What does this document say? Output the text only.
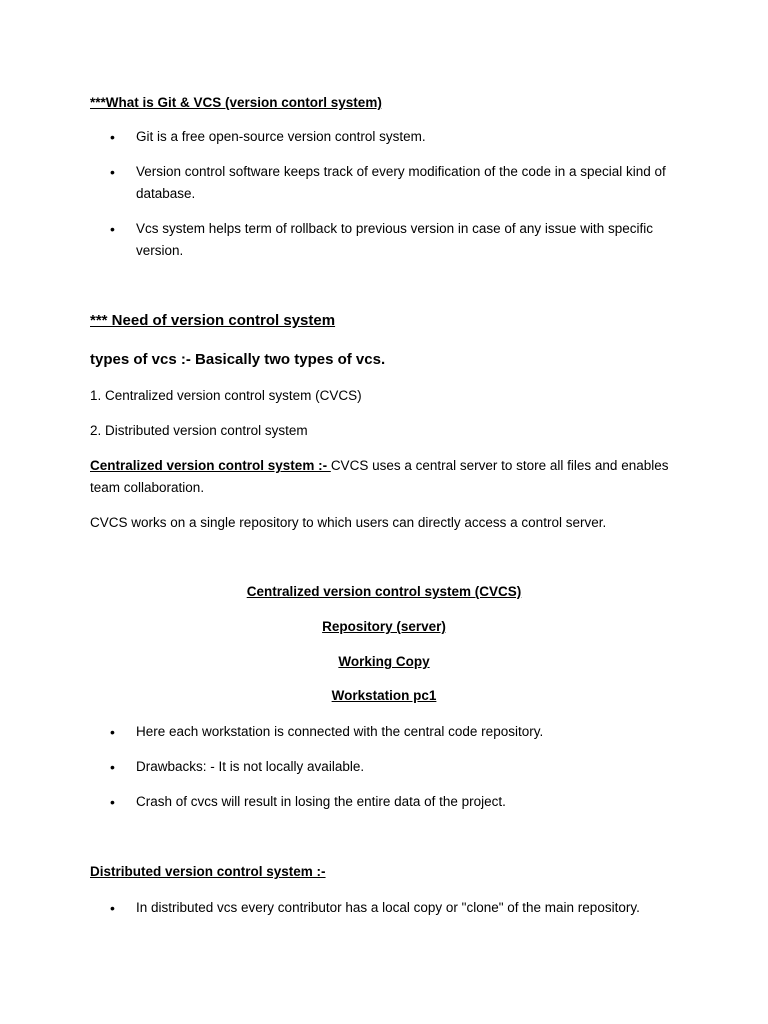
***What is Git & VCS (version contorl system)
•
Git is a free open-source version control system.
•
Version control software keeps track of every modification of the code in a special kind of database.
•
Vcs system helps term of rollback to previous version in case of any issue with specific version.
*** Need of version control system
types of vcs :- Basically two types of vcs.
1. Centralized version control system (CVCS)
2. Distributed version control system
Centralized version control system :- CVCS uses a central server to store all files and enables
team collaboration.
CVCS works on a single repository to which users can directly access a control server.
Centralized version control system (CVCS)
Repository (server)
Working Copy
Workstation pc1
•
Here each workstation is connected with the central code repository.
•
Drawbacks: - It is not locally available.
•
Crash of cvcs will result in losing the entire data of the project.
Distributed version control system :-
•
In distributed vcs every contributor has a local copy or "clone" of the main repository.
